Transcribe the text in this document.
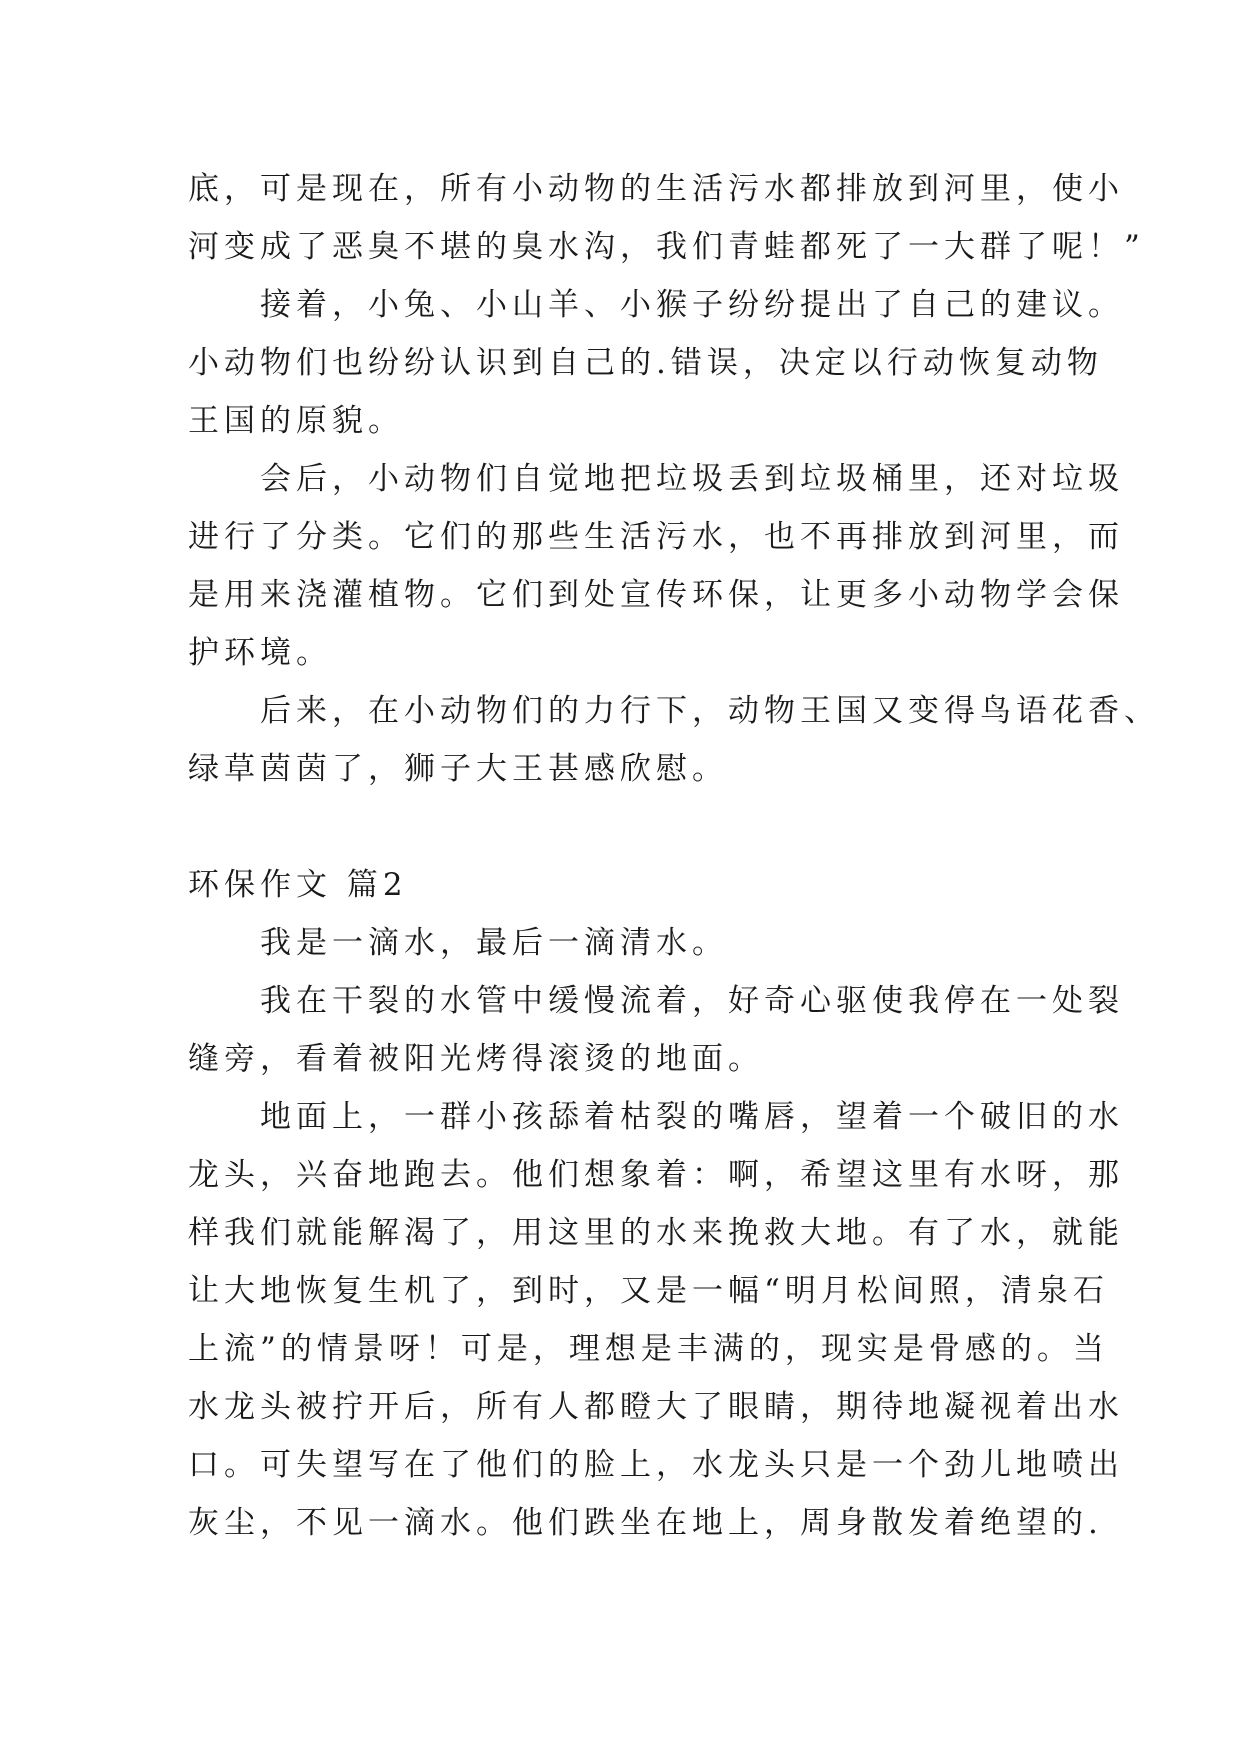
底，可是现在，所有小动物的生活污水都排放到河里，使小
河变成了恶臭不堪的臭水沟，我们青蛙都死了一大群了呢！”
　　接着，小兔、小山羊、小猴子纷纷提出了自己的建议。
小动物们也纷纷认识到自己的.错误，决定以行动恢复动物
王国的原貌。
　　会后，小动物们自觉地把垃圾丢到垃圾桶里，还对垃圾
进行了分类。它们的那些生活污水，也不再排放到河里，而
是用来浇灌植物。它们到处宣传环保，让更多小动物学会保
护环境。
　　后来，在小动物们的力行下，动物王国又变得鸟语花香、
绿草茵茵了，狮子大王甚感欣慰。
环保作文 篇2
　　我是一滴水，最后一滴清水。
　　我在干裂的水管中缓慢流着，好奇心驱使我停在一处裂
缝旁，看着被阳光烤得滚烫的地面。
　　地面上，一群小孩舔着枯裂的嘴唇，望着一个破旧的水
龙头，兴奋地跑去。他们想象着：啊，希望这里有水呀，那
样我们就能解渴了，用这里的水来挽救大地。有了水，就能
让大地恢复生机了，到时，又是一幅“明月松间照，清泉石
上流”的情景呀！可是，理想是丰满的，现实是骨感的。当
水龙头被拧开后，所有人都瞪大了眼睛，期待地凝视着出水
口。可失望写在了他们的脸上，水龙头只是一个劲儿地喷出
灰尘，不见一滴水。他们跌坐在地上，周身散发着绝望的.
